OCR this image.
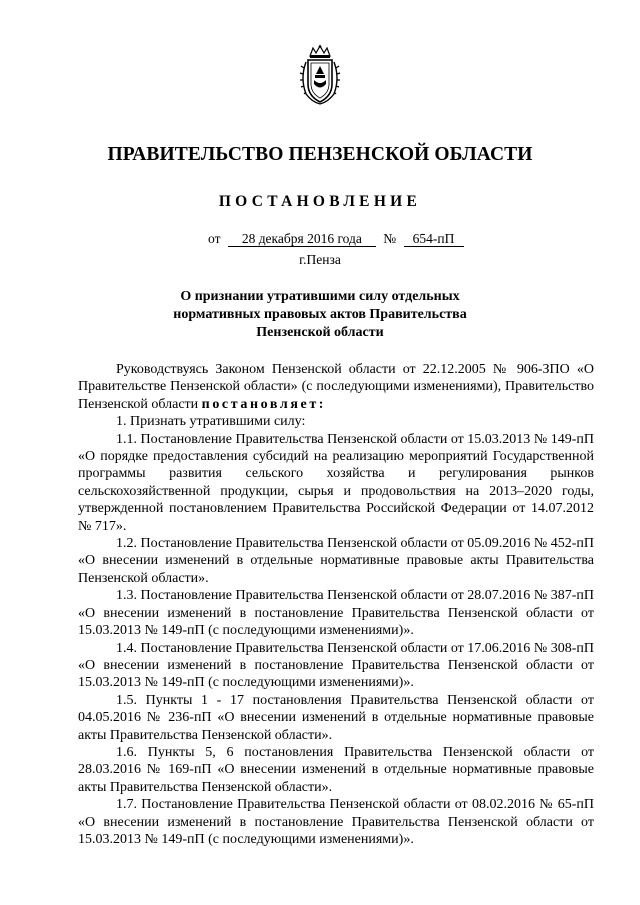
ПРАВИТЕЛЬСТВО ПЕНЗЕНСКОЙ ОБЛАСТИ
ПОСТАНОВЛЕНИЕ
от 28 декабря 2016 года № 654-пП
г.Пенза
О признании утратившими силу отдельных
нормативных правовых актов Правительства
Пензенской области

Руководствуясь Законом Пензенской области от 22.12.2005 № 906-ЗПО «О Правительстве Пензенской области» (с последующими изменениями), Правительство Пензенской области постановляет:

1. Признать утратившими силу:

1.1. Постановление Правительства Пензенской области от 15.03.2013 № 149-пП «О порядке предоставления субсидий на реализацию мероприятий Государственной программы развития сельского хозяйства и регулирования рынков сельскохозяйственной продукции, сырья и продовольствия на 2013–2020 годы, утвержденной постановлением Правительства Российской Федерации от 14.07.2012 № 717».

1.2. Постановление Правительства Пензенской области от 05.09.2016 № 452-пП «О внесении изменений в отдельные нормативные правовые акты Правительства Пензенской области».

1.3. Постановление Правительства Пензенской области от 28.07.2016 № 387-пП «О внесении изменений в постановление Правительства Пензенской области от 15.03.2013 № 149-пП (с последующими изменениями)».

1.4. Постановление Правительства Пензенской области от 17.06.2016 № 308-пП «О внесении изменений в постановление Правительства Пензенской области от 15.03.2013 № 149-пП (с последующими изменениями)».

1.5. Пункты 1 - 17 постановления Правительства Пензенской области от 04.05.2016 № 236-пП «О внесении изменений в отдельные нормативные правовые акты Правительства Пензенской области».

1.6. Пункты 5, 6 постановления Правительства Пензенской области от 28.03.2016 № 169-пП «О внесении изменений в отдельные нормативные правовые акты Правительства Пензенской области».

1.7. Постановление Правительства Пензенской области от 08.02.2016 № 65-пП «О внесении изменений в постановление Правительства Пензенской области от 15.03.2013 № 149-пП (с последующими изменениями)».
